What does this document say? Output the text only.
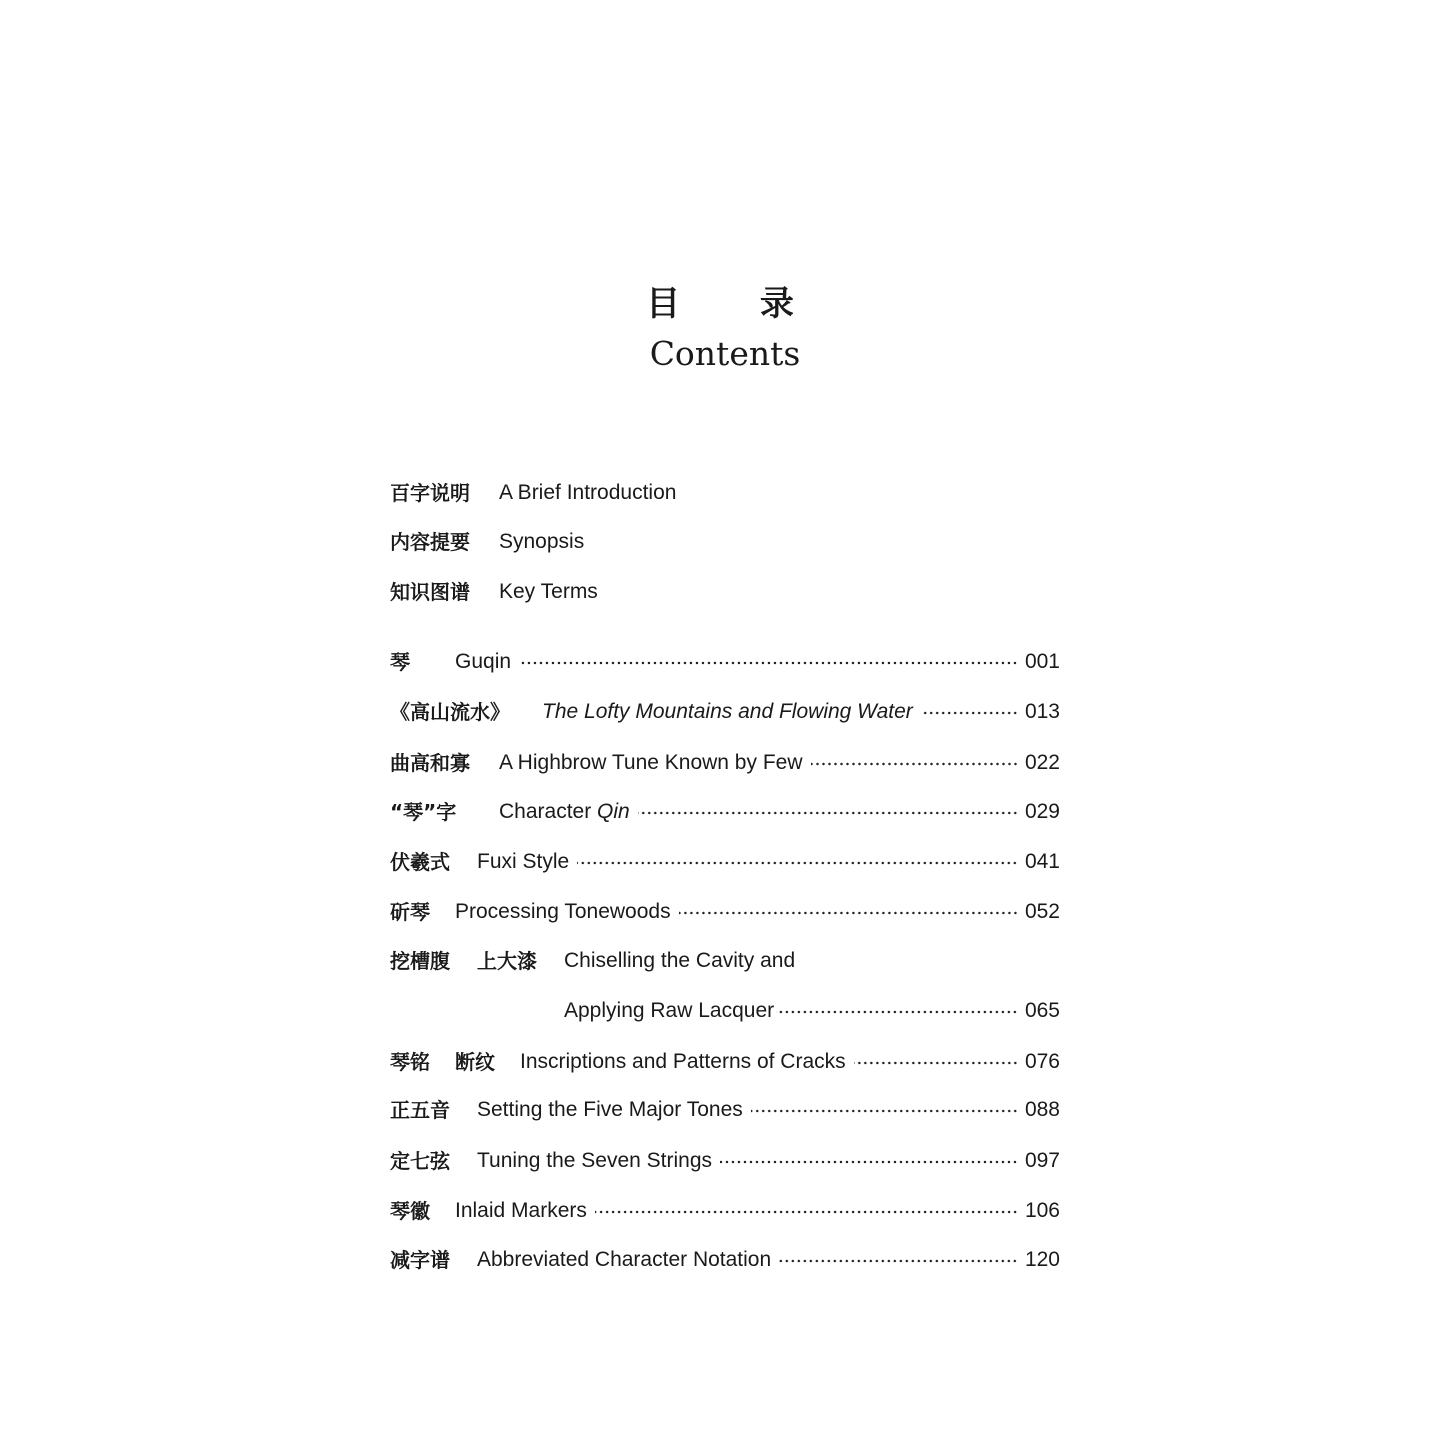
目 录
Contents
百字说明	A Brief Introduction
内容提要	Synopsis
知识图谱	Key Terms
琴	Guqin	001
《高山流水》	The Lofty Mountains and Flowing Water	013
曲高和寡	A Highbrow Tune Known by Few	022
“琴”字	Character Qin	029
伏羲式	Fuxi Style	041
斫琴	Processing Tonewoods	052
挖槽腹	上大漆	Chiselling the Cavity and
Applying Raw Lacquer	065
琴铭	断纹	Inscriptions and Patterns of Cracks	076
正五音	Setting the Five Major Tones	088
定七弦	Tuning the Seven Strings	097
琴徽	Inlaid Markers	106
减字谱	Abbreviated Character Notation	120
